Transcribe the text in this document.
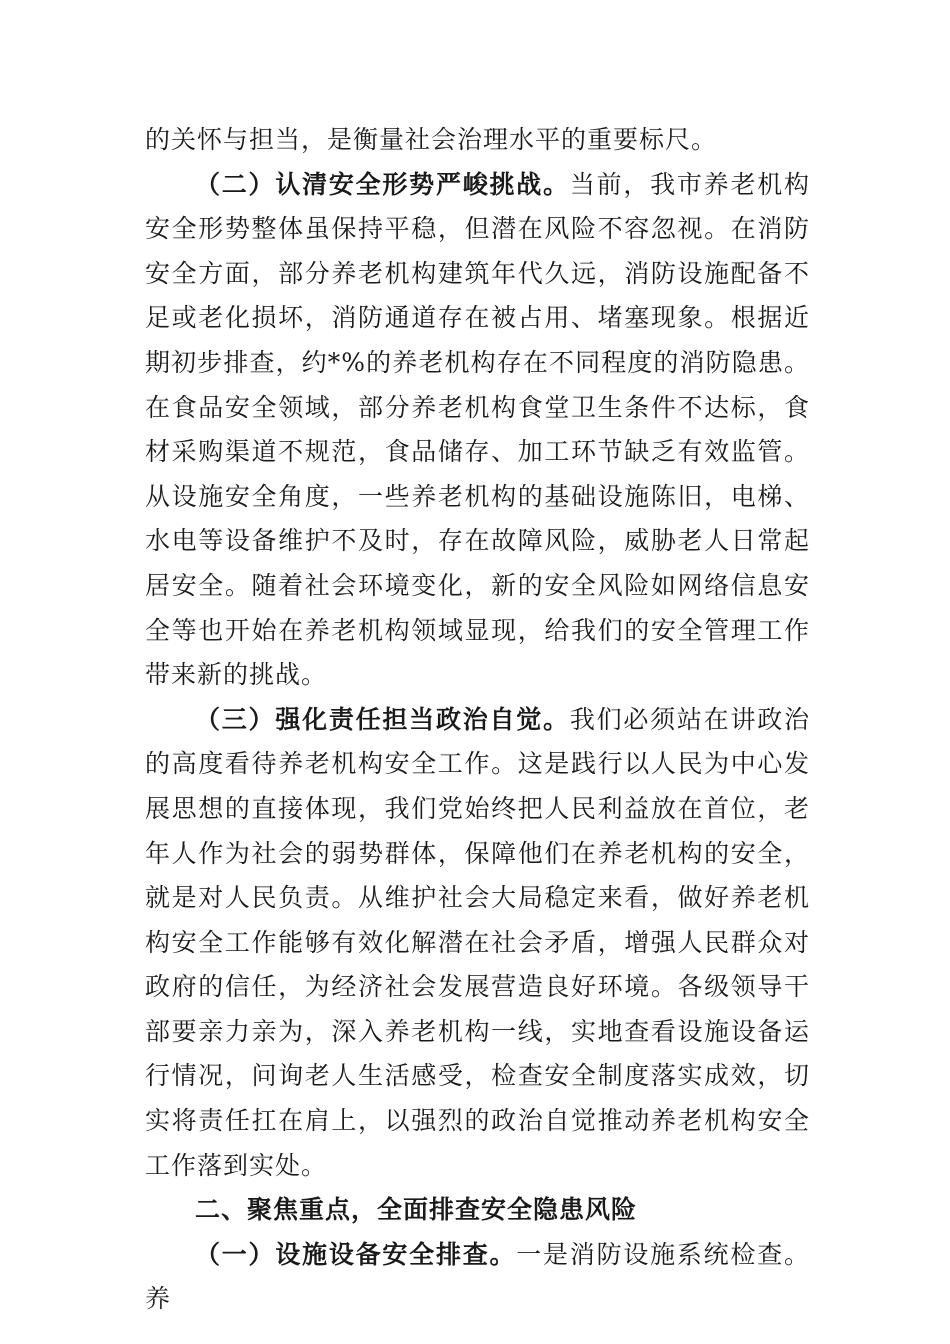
的关怀与担当，是衡量社会治理水平的重要标尺。

（二）认清安全形势严峻挑战。当前，我市养老机构安全形势整体虽保持平稳，但潜在风险不容忽视。在消防安全方面，部分养老机构建筑年代久远，消防设施配备不足或老化损坏，消防通道存在被占用、堵塞现象。根据近期初步排查，约*%的养老机构存在不同程度的消防隐患。在食品安全领域，部分养老机构食堂卫生条件不达标，食材采购渠道不规范，食品储存、加工环节缺乏有效监管。从设施安全角度，一些养老机构的基础设施陈旧，电梯、水电等设备维护不及时，存在故障风险，威胁老人日常起居安全。随着社会环境变化，新的安全风险如网络信息安全等也开始在养老机构领域显现，给我们的安全管理工作带来新的挑战。

（三）强化责任担当政治自觉。我们必须站在讲政治的高度看待养老机构安全工作。这是践行以人民为中心发展思想的直接体现，我们党始终把人民利益放在首位，老年人作为社会的弱势群体，保障他们在养老机构的安全，就是对人民负责。从维护社会大局稳定来看，做好养老机构安全工作能够有效化解潜在社会矛盾，增强人民群众对政府的信任，为经济社会发展营造良好环境。各级领导干部要亲力亲为，深入养老机构一线，实地查看设施设备运行情况，问询老人生活感受，检查安全制度落实成效，切实将责任扛在肩上，以强烈的政治自觉推动养老机构安全工作落到实处。

二、聚焦重点，全面排查安全隐患风险

（一）设施设备安全排查。一是消防设施系统检查。养
